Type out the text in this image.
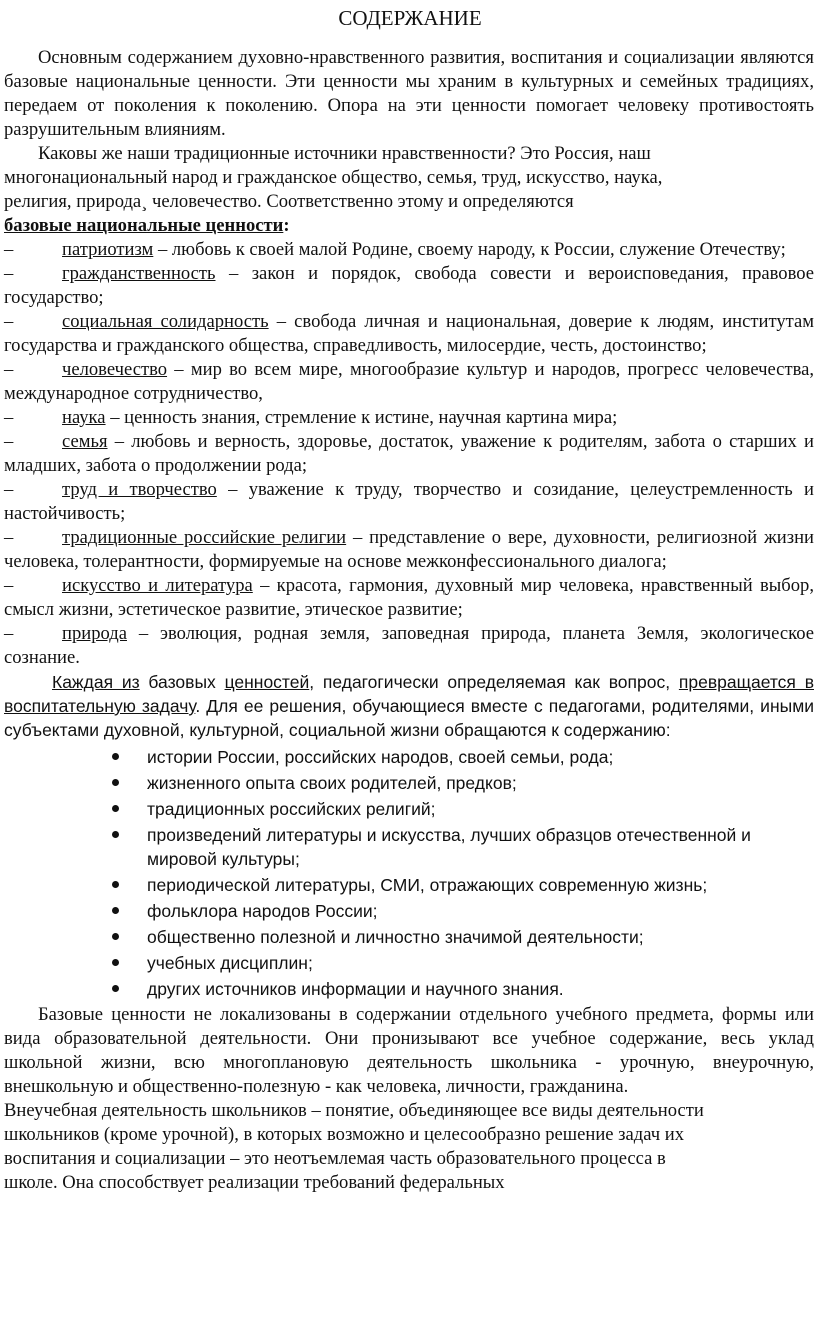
СОДЕРЖАНИЕ

Основным содержанием духовно-нравственного развития, воспитания и социализации являются базовые национальные ценности. Эти ценности мы храним в культурных и семейных традициях, передаем от поколения к поколению. Опора на эти ценности помогает человеку противостоять разрушительным влияниям.

Каковы же наши традиционные источники нравственности? Это Россия, наш
многонациональный народ и гражданское общество, семья, труд, искусство, наука,
религия, природа¸ человечество. Соответственно этому и определяются

базовые национальные ценности:

–	патриотизм – любовь к своей малой Родине, своему народу, к России, служение Отечеству;

–	гражданственность – закон и порядок, свобода совести и вероисповедания, правовое государство;

–	социальная солидарность – свобода личная и национальная, доверие к людям, институтам государства и гражданского общества, справедливость, милосердие, честь, достоинство;

–	человечество – мир во всем мире, многообразие культур и народов, прогресс человечества, международное сотрудничество,

–	наука – ценность знания, стремление к истине, научная картина мира;

–	семья – любовь и верность, здоровье, достаток, уважение к родителям, забота о старших и младших, забота о продолжении рода;

–	труд и творчество – уважение к труду, творчество и созидание, целеустремленность и настойчивость;

–	традиционные российские религии – представление о вере, духовности, религиозной жизни человека, толерантности, формируемые на основе межконфессионального диалога;

–	искусство и литература – красота, гармония, духовный мир человека, нравственный выбор, смысл жизни, эстетическое развитие, этическое развитие;

–	природа – эволюция, родная земля, заповедная природа, планета Земля, экологическое сознание.

Каждая из базовых ценностей, педагогически определяемая как вопрос, превращается в воспитательную задачу. Для ее решения, обучающиеся вместе с педагогами, родителями, иными субъектами духовной, культурной, социальной жизни обращаются к содержанию:

истории России, российских народов, своей семьи, рода;
жизненного опыта своих родителей, предков;
традиционных российских религий;
произведений литературы и искусства, лучших образцов отечественной и мировой культуры;
периодической литературы, СМИ, отражающих современную жизнь;
фольклора народов России;
общественно полезной и личностно значимой деятельности;
учебных дисциплин;
других источников информации и научного знания.

Базовые ценности не локализованы в содержании отдельного учебного предмета, формы или вида образовательной деятельности. Они пронизывают все учебное содержание, весь уклад школьной жизни, всю многоплановую деятельность школьника - урочную, внеурочную, внешкольную и общественно-полезную - как человека, личности, гражданина.

Внеучебная деятельность школьников – понятие, объединяющее все виды деятельности
школьников (кроме урочной), в которых возможно и целесообразно решение задач их
воспитания и социализации – это неотъемлемая часть образовательного процесса в
школе. Она способствует реализации требований федеральных
